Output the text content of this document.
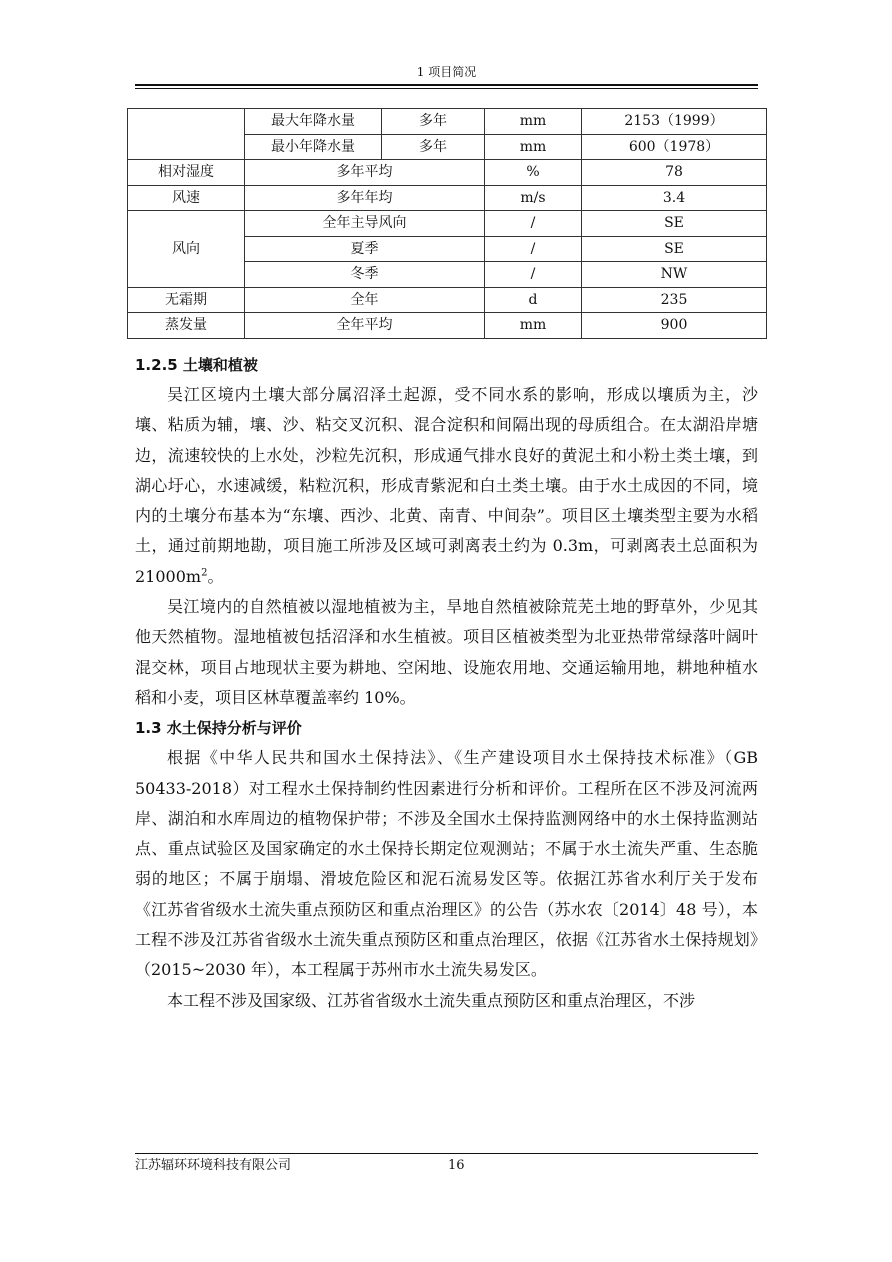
1 项目简况
	最大年降水量	多年	mm	2153（1999）
	最小年降水量	多年	mm	600（1978）
相对湿度	多年平均		%	78
风速	多年年均		m/s	3.4
风向	全年主导风向		/	SE
	夏季		/	SE
	冬季		/	NW
无霜期	全年		d	235
蒸发量	全年平均		mm	900
1.2.5 土壤和植被

吴江区境内土壤大部分属沼泽土起源，受不同水系的影响，形成以壤质为主，沙壤、粘质为辅，壤、沙、粘交叉沉积、混合淀积和间隔出现的母质组合。在太湖沿岸塘边，流速较快的上水处，沙粒先沉积，形成通气排水良好的黄泥土和小粉土类土壤，到湖心圩心，水速减缓，粘粒沉积，形成青紫泥和白土类土壤。由于水土成因的不同，境内的土壤分布基本为“东壤、西沙、北黄、南青、中间杂”。项目区土壤类型主要为水稻土，通过前期地勘，项目施工所涉及区域可剥离表土约为 0.3m，可剥离表土总面积为 $21000m^2$。

吴江境内的自然植被以湿地植被为主，旱地自然植被除荒芜土地的野草外，少见其他天然植物。湿地植被包括沼泽和水生植被。项目区植被类型为北亚热带常绿落叶阔叶混交林，项目占地现状主要为耕地、空闲地、设施农用地、交通运输用地，耕地种植水稻和小麦，项目区林草覆盖率约 10%。

1.3 水土保持分析与评价

根据《中华人民共和国水土保持法》、《生产建设项目水土保持技术标准》（GB 50433-2018）对工程水土保持制约性因素进行分析和评价。工程所在区不涉及河流两岸、湖泊和水库周边的植物保护带；不涉及全国水土保持监测网络中的水土保持监测站点、重点试验区及国家确定的水土保持长期定位观测站；不属于水土流失严重、生态脆弱的地区；不属于崩塌、滑坡危险区和泥石流易发区等。依据江苏省水利厅关于发布《江苏省省级水土流失重点预防区和重点治理区》的公告（苏水农〔2014〕48 号），本工程不涉及江苏省省级水土流失重点预防区和重点治理区，依据《江苏省水土保持规划》（2015~2030 年），本工程属于苏州市水土流失易发区。

本工程不涉及国家级、江苏省省级水土流失重点预防区和重点治理区，不涉

江苏辐环环境科技有限公司	16
